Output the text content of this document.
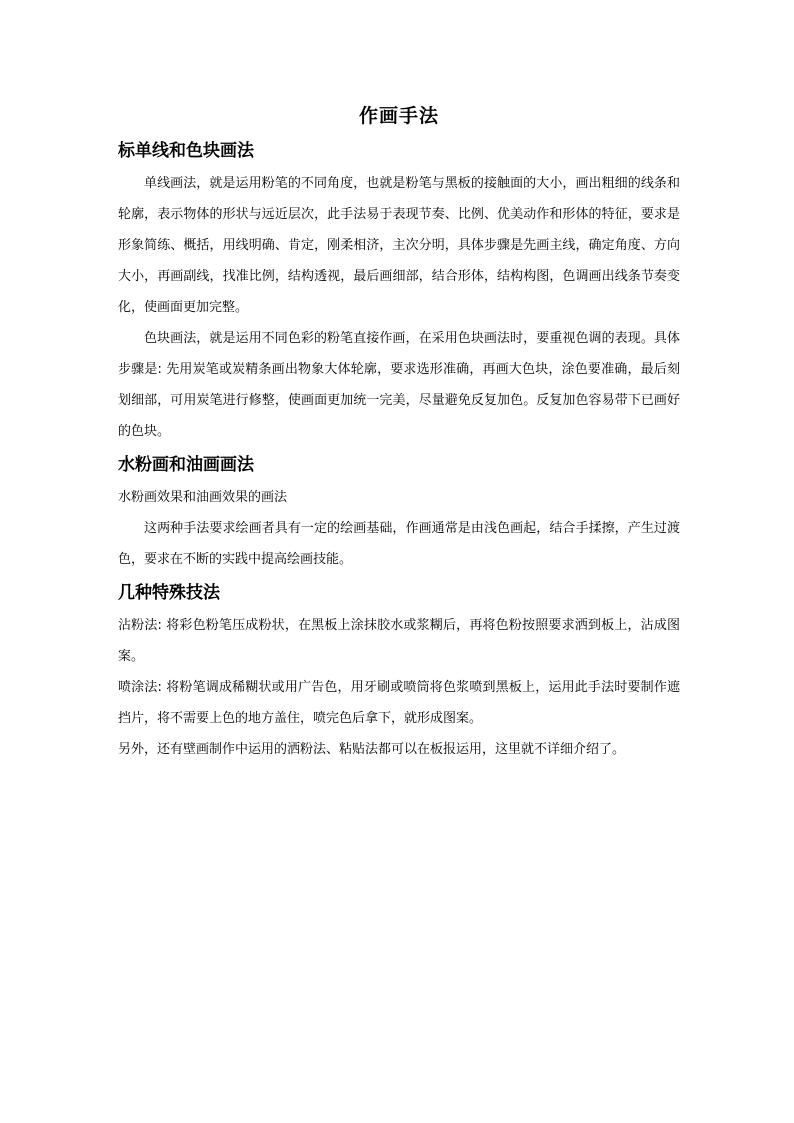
作画手法
标单线和色块画法

单线画法，就是运用粉笔的不同角度，也就是粉笔与黑板的接触面的大小，画出粗细的线条和轮廓，表示物体的形状与远近层次，此手法易于表现节奏、比例、优美动作和形体的特征，要求是形象简练、概括，用线明确、肯定，刚柔相济，主次分明，具体步骤是先画主线，确定角度、方向大小，再画副线，找准比例，结构透视，最后画细部，结合形体，结构构图，色调画出线条节奏变化，使画面更加完整。

色块画法，就是运用不同色彩的粉笔直接作画，在采用色块画法时，要重视色调的表现。具体步骤是: 先用炭笔或炭精条画出物象大体轮廓，要求选形准确，再画大色块，涂色要准确，最后刻划细部，可用炭笔进行修整，使画面更加统一完美，尽量避免反复加色。反复加色容易带下已画好的色块。

水粉画和油画画法

水粉画效果和油画效果的画法

这两种手法要求绘画者具有一定的绘画基础，作画通常是由浅色画起，结合手揉擦，产生过渡色，要求在不断的实践中提高绘画技能。

几种特殊技法

沾粉法: 将彩色粉笔压成粉状，在黑板上涂抹胶水或浆糊后，再将色粉按照要求洒到板上，沾成图案。

喷涂法: 将粉笔调成稀糊状或用广告色，用牙刷或喷筒将色浆喷到黑板上，运用此手法时要制作遮挡片，将不需要上色的地方盖住，喷完色后拿下，就形成图案。

另外，还有壁画制作中运用的洒粉法、粘贴法都可以在板报运用，这里就不详细介绍了。
